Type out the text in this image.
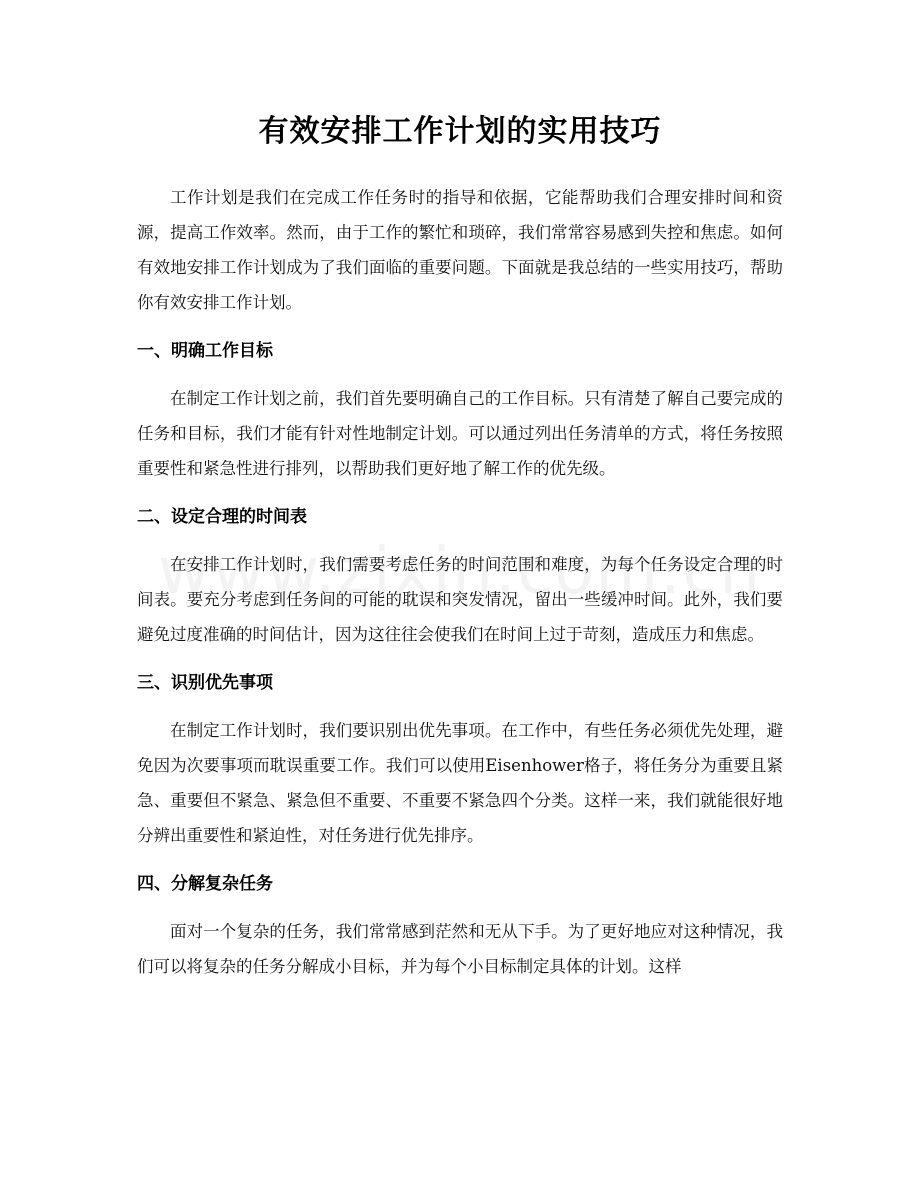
有效安排工作计划的实用技巧

工作计划是我们在完成工作任务时的指导和依据，它能帮助我们合理安排时间和资源，提高工作效率。然而，由于工作的繁忙和琐碎，我们常常容易感到失控和焦虑。如何有效地安排工作计划成为了我们面临的重要问题。下面就是我总结的一些实用技巧，帮助你有效安排工作计划。

一、明确工作目标

在制定工作计划之前，我们首先要明确自己的工作目标。只有清楚了解自己要完成的任务和目标，我们才能有针对性地制定计划。可以通过列出任务清单的方式，将任务按照重要性和紧急性进行排列，以帮助我们更好地了解工作的优先级。

二、设定合理的时间表

在安排工作计划时，我们需要考虑任务的时间范围和难度，为每个任务设定合理的时间表。要充分考虑到任务间的可能的耽误和突发情况，留出一些缓冲时间。此外，我们要避免过度准确的时间估计，因为这往往会使我们在时间上过于苛刻，造成压力和焦虑。

三、识别优先事项

在制定工作计划时，我们要识别出优先事项。在工作中，有些任务必须优先处理，避免因为次要事项而耽误重要工作。我们可以使用Eisenhower格子，将任务分为重要且紧急、重要但不紧急、紧急但不重要、不重要不紧急四个分类。这样一来，我们就能很好地分辨出重要性和紧迫性，对任务进行优先排序。

四、分解复杂任务

面对一个复杂的任务，我们常常感到茫然和无从下手。为了更好地应对这种情况，我们可以将复杂的任务分解成小目标，并为每个小目标制定具体的计划。这样
